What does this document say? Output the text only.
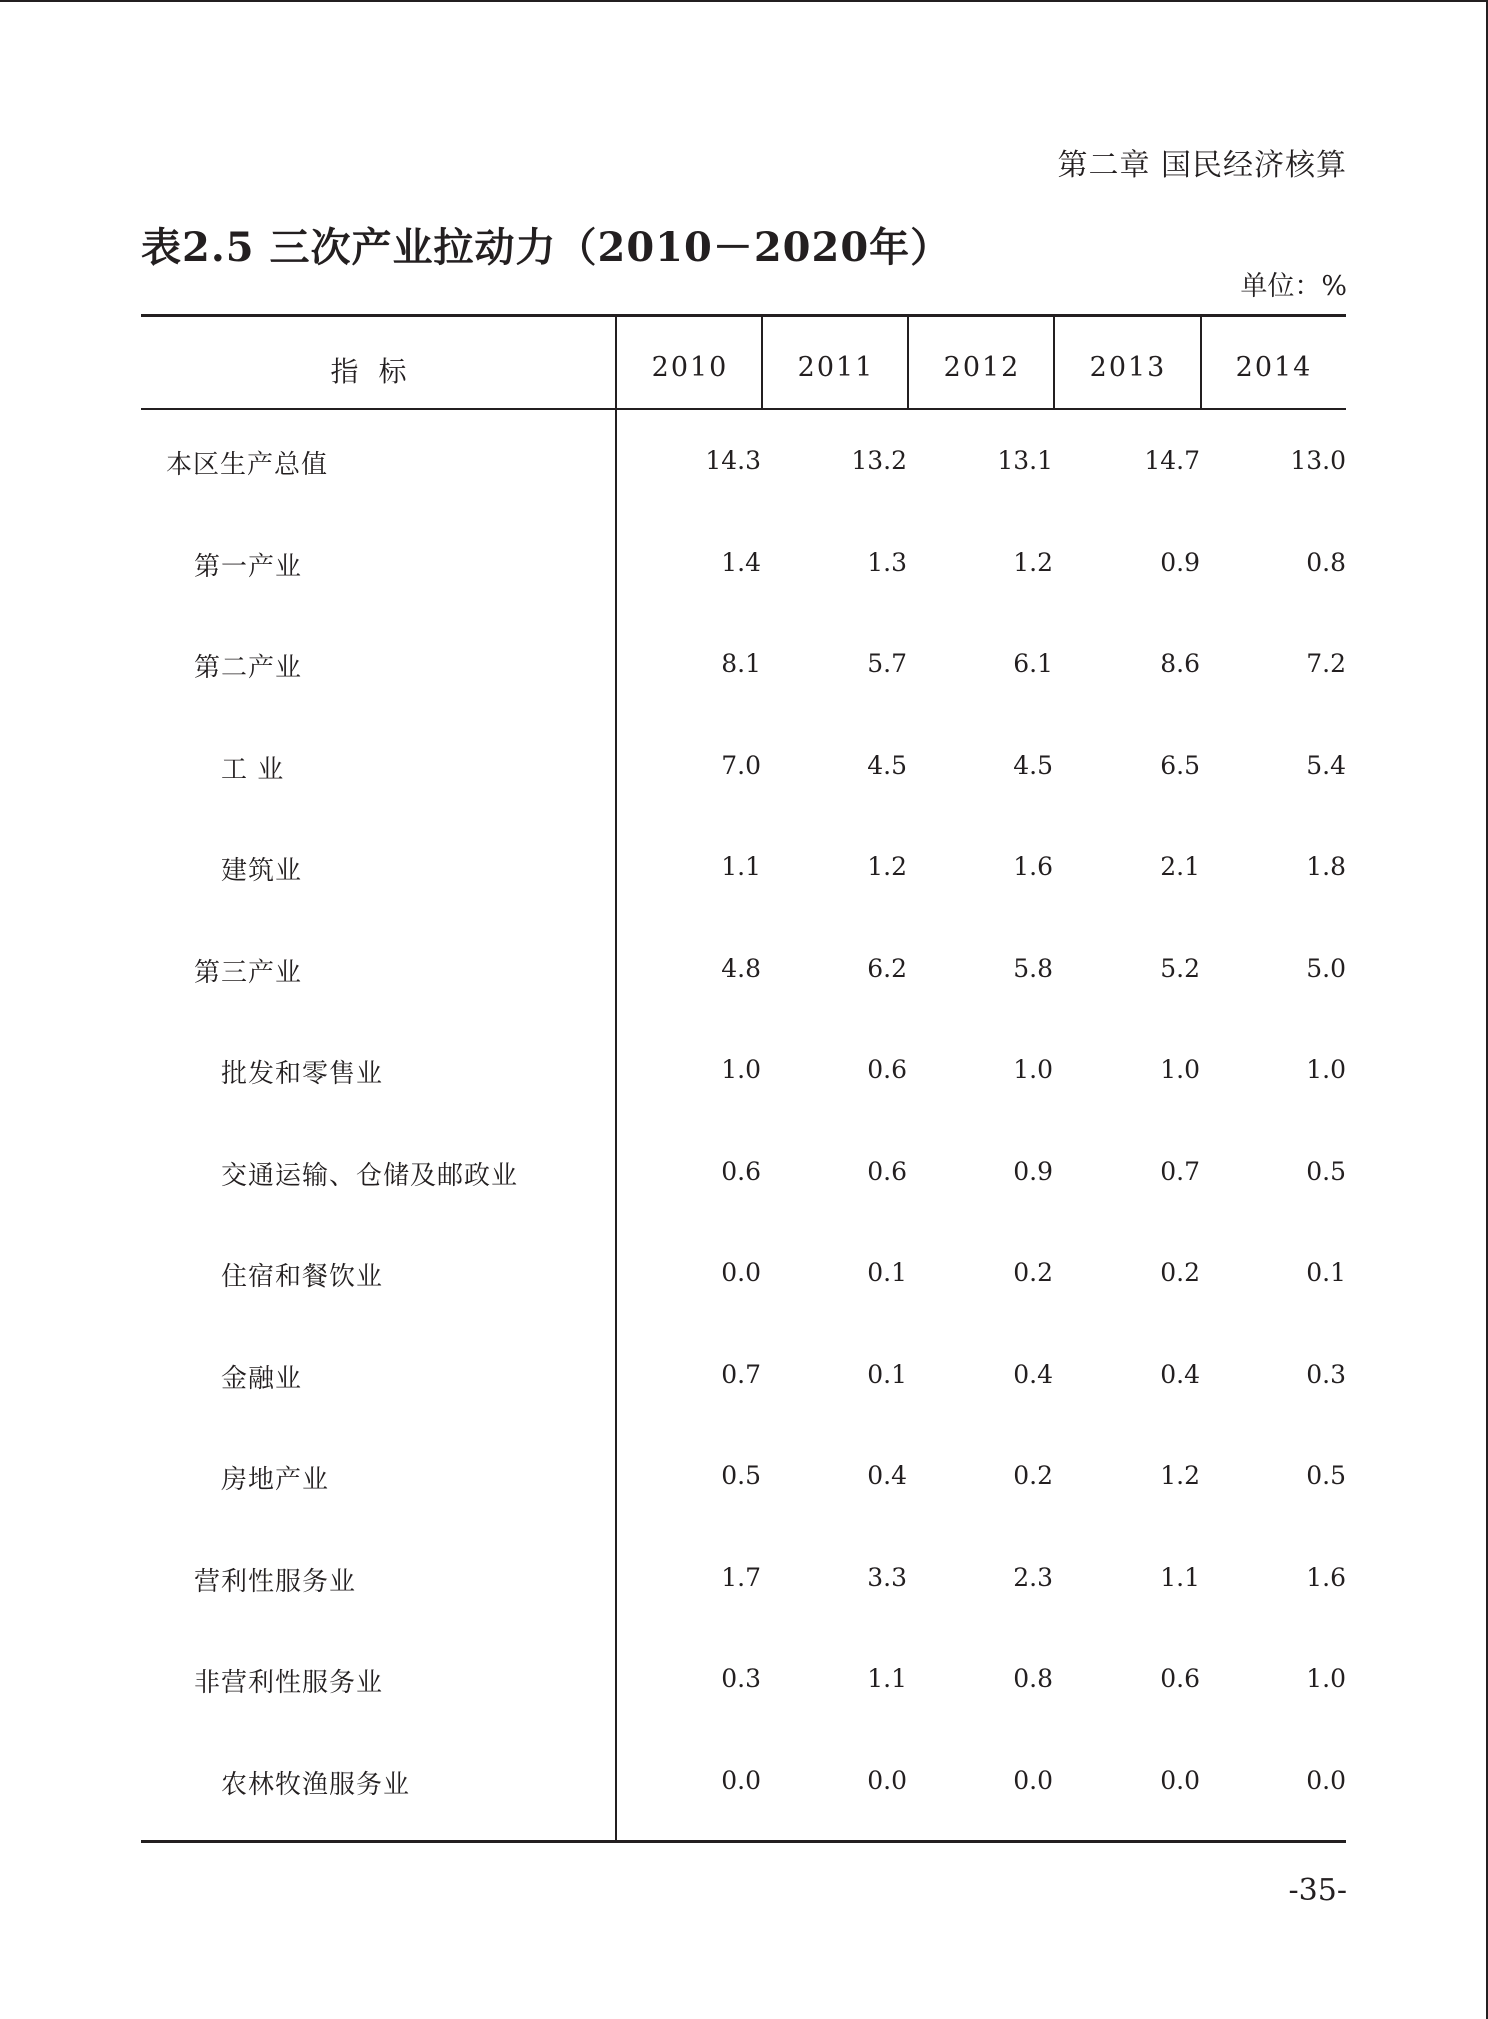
第二章 国民经济核算
表2.5 三次产业拉动力（2010－2020年）
单位：%
指标	2010	2011	2012	2013	2014
本区生产总值	14.3	13.2	13.1	14.7	13.0
第一产业	1.4	1.3	1.2	0.9	0.8
第二产业	8.1	5.7	6.1	8.6	7.2
工 业	7.0	4.5	4.5	6.5	5.4
建筑业	1.1	1.2	1.6	2.1	1.8
第三产业	4.8	6.2	5.8	5.2	5.0
批发和零售业	1.0	0.6	1.0	1.0	1.0
交通运输、仓储及邮政业	0.6	0.6	0.9	0.7	0.5
住宿和餐饮业	0.0	0.1	0.2	0.2	0.1
金融业	0.7	0.1	0.4	0.4	0.3
房地产业	0.5	0.4	0.2	1.2	0.5
营利性服务业	1.7	3.3	2.3	1.1	1.6
非营利性服务业	0.3	1.1	0.8	0.6	1.0
农林牧渔服务业	0.0	0.0	0.0	0.0	0.0
-35-
